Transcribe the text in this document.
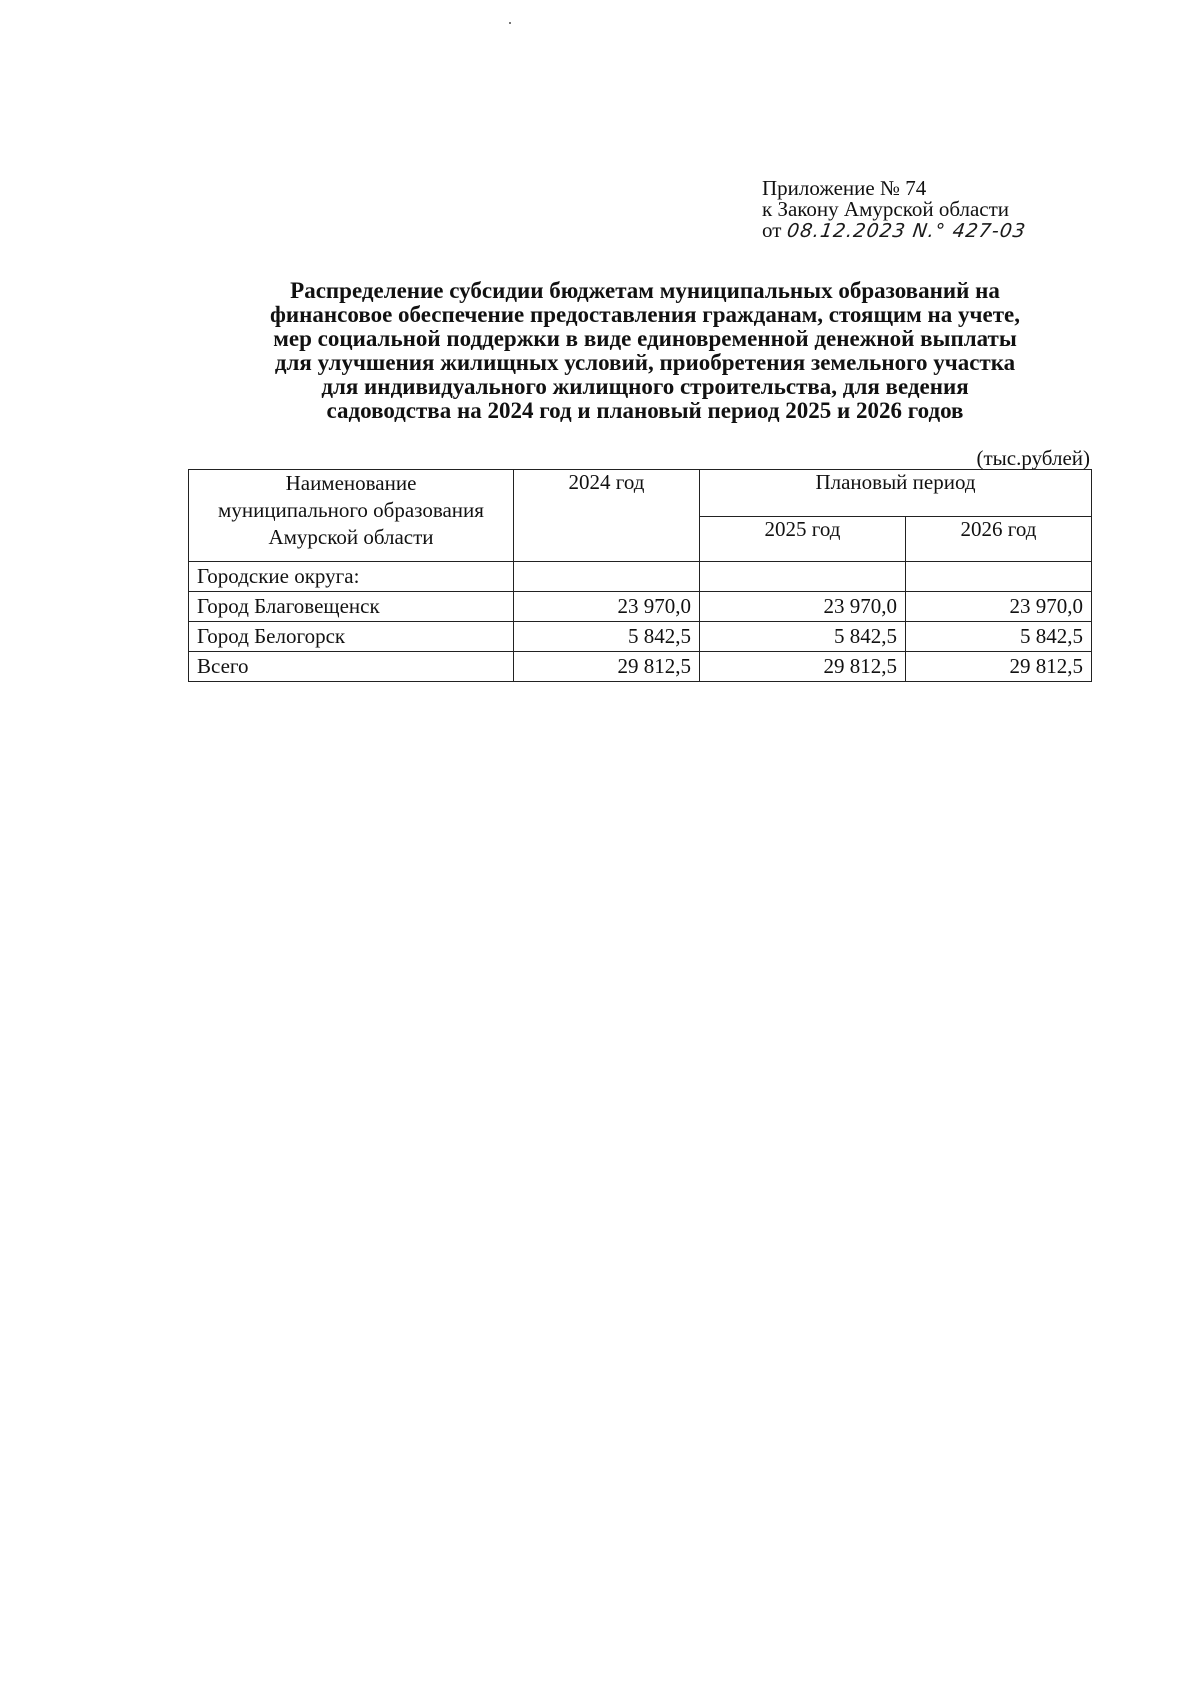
Приложение № 74
к Закону Амурской области
от 08.12.2023 N.° 427-03
Распределение субсидии бюджетам муниципальных образований на
финансовое обеспечение предоставления гражданам, стоящим на учете,
мер социальной поддержки в виде единовременной денежной выплаты
для улучшения жилищных условий, приобретения земельного участка
для индивидуального жилищного строительства, для ведения
садоводства на 2024 год и плановый период 2025 и 2026 годов
(тыс.рублей)
Наименование
муниципального образования
Амурской области	2024 год	Плановый период	
		2025 год	2026 год
Городские округа:			
Город Благовещенск	23 970,0	23 970,0	23 970,0
Город Белогорск	5 842,5	5 842,5	5 842,5
Всего	29 812,5	29 812,5	29 812,5
